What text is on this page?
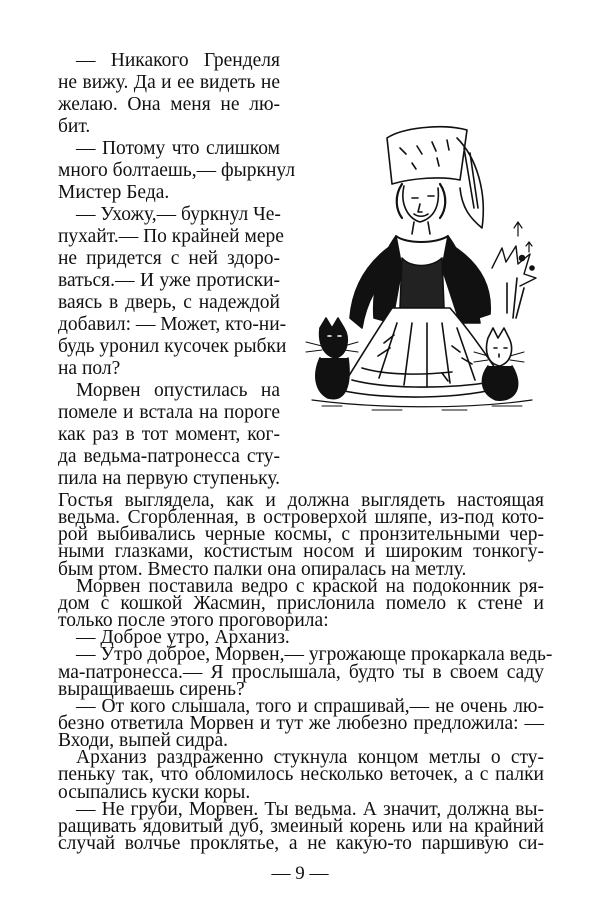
— Никакого Гренделя
не вижу. Да и ее видеть не
желаю. Она меня не лю-
бит.
— Потому что слишком
много болтаешь,— фыркнул
Мистер Беда.
— Ухожу,— буркнул Че-
пухайт.— По крайней мере
не придется с ней здоро-
ваться.— И уже протиски-
ваясь в дверь, с надеждой
добавил: — Может, кто-ни-
будь уронил кусочек рыбки
на пол?
Морвен опустилась на
помеле и встала на пороге
как раз в тот момент, ког-
да ведьма-патронесса сту-
пила на первую ступеньку.
Гостья выглядела, как и должна выглядеть настоящая
ведьма. Сгорбленная, в островерхой шляпе, из-под кото-
рой выбивались черные космы, с пронзительными чер-
ными глазками, костистым носом и широким тонкогу-
бым ртом. Вместо палки она опиралась на метлу.
Морвен поставила ведро с краской на подоконник ря-
дом с кошкой Жасмин, прислонила помело к стене и
только после этого проговорила:
— Доброе утро, Арханиз.
— Утро доброе, Морвен,— угрожающе прокаркала ведь-
ма-патронесса.— Я прослышала, будто ты в своем саду
выращиваешь сирень?
— От кого слышала, того и спрашивай,— не очень лю-
безно ответила Морвен и тут же любезно предложила: —
Входи, выпей сидра.
Арханиз раздраженно стукнула концом метлы о сту-
пеньку так, что обломилось несколько веточек, а с палки
осыпались куски коры.
— Не груби, Морвен. Ты ведьма. А значит, должна вы-
ращивать ядовитый дуб, змеиный корень или на крайний
случай волчье проклятье, а не какую-то паршивую си-
— 9 —
